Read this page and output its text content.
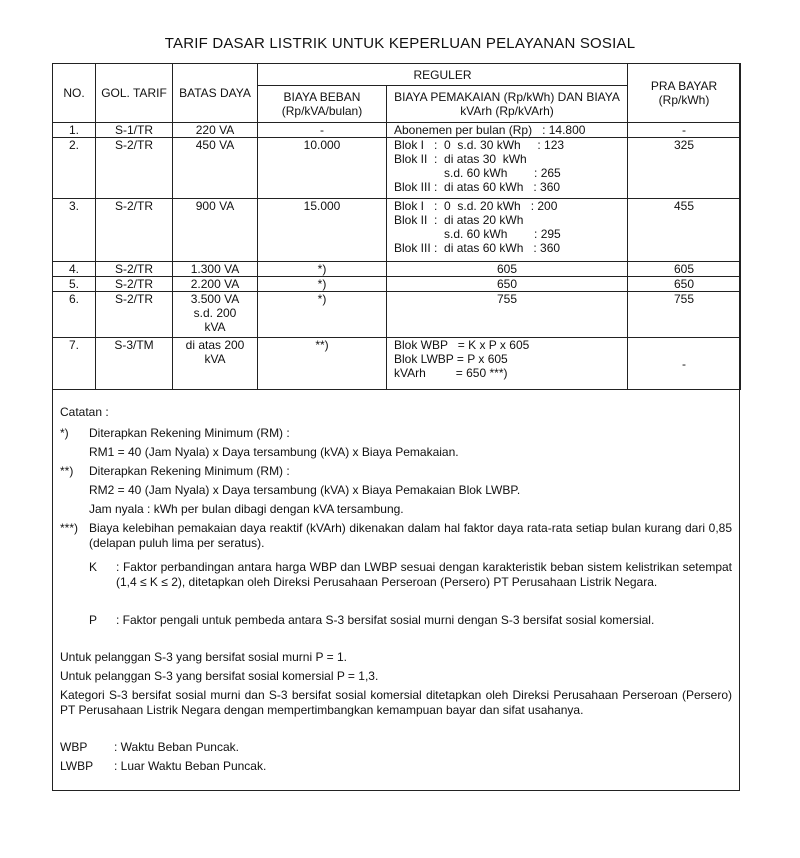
TARIF DASAR LISTRIK UNTUK KEPERLUAN PELAYANAN SOSIAL
NO.	GOL. TARIF	BATAS DAYA	REGULER		PRA BAYAR (Rp/kWh)
			BIAYA BEBAN (Rp/kVA/bulan)	BIAYA PEMAKAIAN (Rp/kWh) DAN BIAYA kVArh (Rp/kVArh)	
1.	S-1/TR	220 VA	-	Abonemen per bulan (Rp)   : 14.800	-
2.	S-2/TR	450 VA	10.000	Blok I   :  0  s.d. 30 kWh     : 123
Blok II  :  di atas 30  kWh
s.d. 60 kWh        : 265
Blok III :  di atas 60 kWh   : 360	325
3.	S-2/TR	900 VA	15.000	Blok I   :  0  s.d. 20 kWh   : 200
Blok II  :  di atas 20 kWh
s.d. 60 kWh        : 295
Blok III :  di atas 60 kWh   : 360	455
4.	S-2/TR	1.300 VA	*)	605	605
5.	S-2/TR	2.200 VA	*)	650	650
6.	S-2/TR	3.500 VA s.d. 200 kVA	*)	755	755
7.	S-3/TM	di atas 200 kVA	**)	Blok WBP   = K x P x 605
Blok LWBP = P x 605
kVArh         = 650 ***)	-
Catatan :
*) Diterapkan Rekening Minimum (RM) :
RM1 = 40 (Jam Nyala) x Daya tersambung (kVA) x Biaya Pemakaian.
**) Diterapkan Rekening Minimum (RM) :
RM2 = 40 (Jam Nyala) x Daya tersambung (kVA) x Biaya Pemakaian Blok LWBP.
Jam nyala : kWh per bulan dibagi dengan kVA tersambung.
***) Biaya kelebihan pemakaian daya reaktif (kVArh) dikenakan dalam hal faktor daya rata-rata setiap bulan kurang dari 0,85 (delapan puluh lima per seratus).
K : Faktor perbandingan antara harga WBP dan LWBP sesuai dengan karakteristik beban sistem kelistrikan setempat (1,4 ≤ K ≤ 2), ditetapkan oleh Direksi Perusahaan Perseroan (Persero) PT Perusahaan Listrik Negara.
P : Faktor pengali untuk pembeda antara S-3 bersifat sosial murni dengan S-3 bersifat sosial komersial.
Untuk pelanggan S-3 yang bersifat sosial murni P = 1.
Untuk pelanggan S-3 yang bersifat sosial komersial P = 1,3.
Kategori S-3 bersifat sosial murni dan S-3 bersifat sosial komersial ditetapkan oleh Direksi Perusahaan Perseroan (Persero) PT Perusahaan Listrik Negara dengan mempertimbangkan kemampuan bayar dan sifat usahanya.
WBP : Waktu Beban Puncak.
LWBP : Luar Waktu Beban Puncak.
